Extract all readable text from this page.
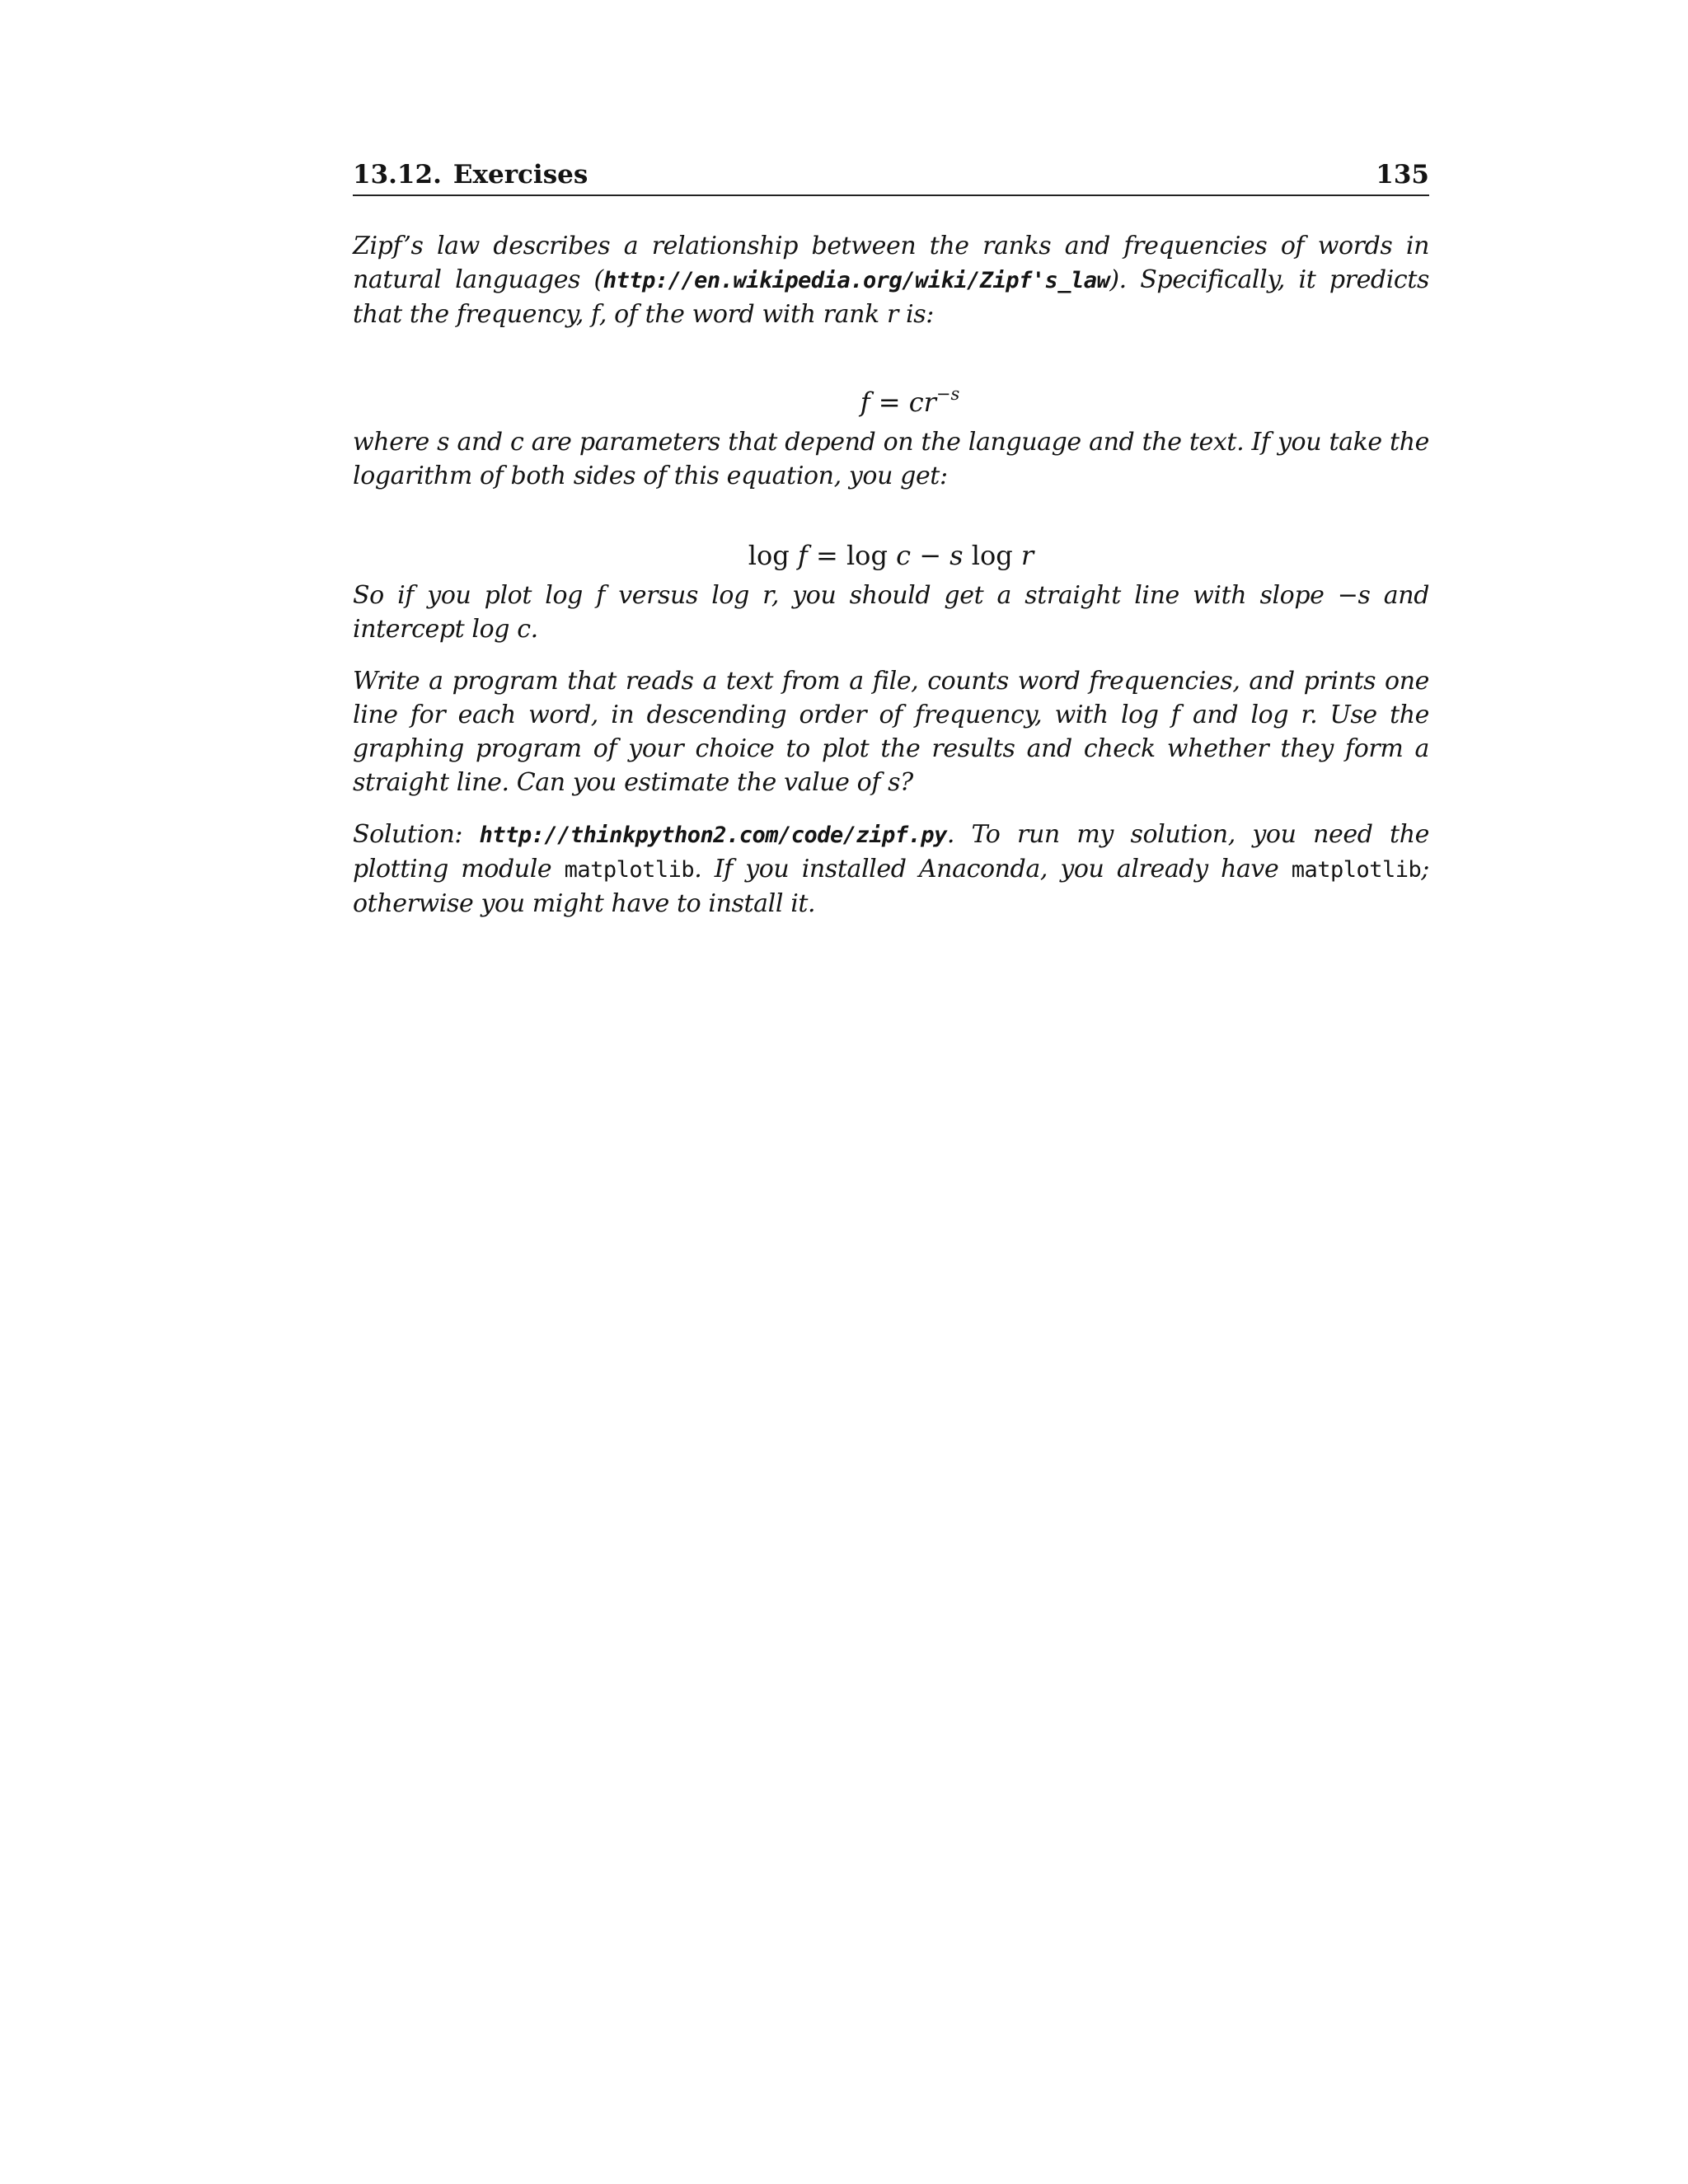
13.12. Exercises	135

Zipf’s law describes a relationship between the ranks and frequencies of words in natural languages (http://en.wikipedia.org/wiki/Zipf's_law). Specifically, it predicts that the frequency, f, of the word with rank r is:

$f = cr^{-s}$

where s and c are parameters that depend on the language and the text. If you take the logarithm of both sides of this equation, you get:

log f = log c − s log r

So if you plot log f versus log r, you should get a straight line with slope −s and intercept log c.

Write a program that reads a text from a file, counts word frequencies, and prints one line for each word, in descending order of frequency, with log f and log r. Use the graphing program of your choice to plot the results and check whether they form a straight line. Can you estimate the value of s?

Solution: http://thinkpython2.com/code/zipf.py. To run my solution, you need the plotting module matplotlib. If you installed Anaconda, you already have matplotlib; otherwise you might have to install it.
